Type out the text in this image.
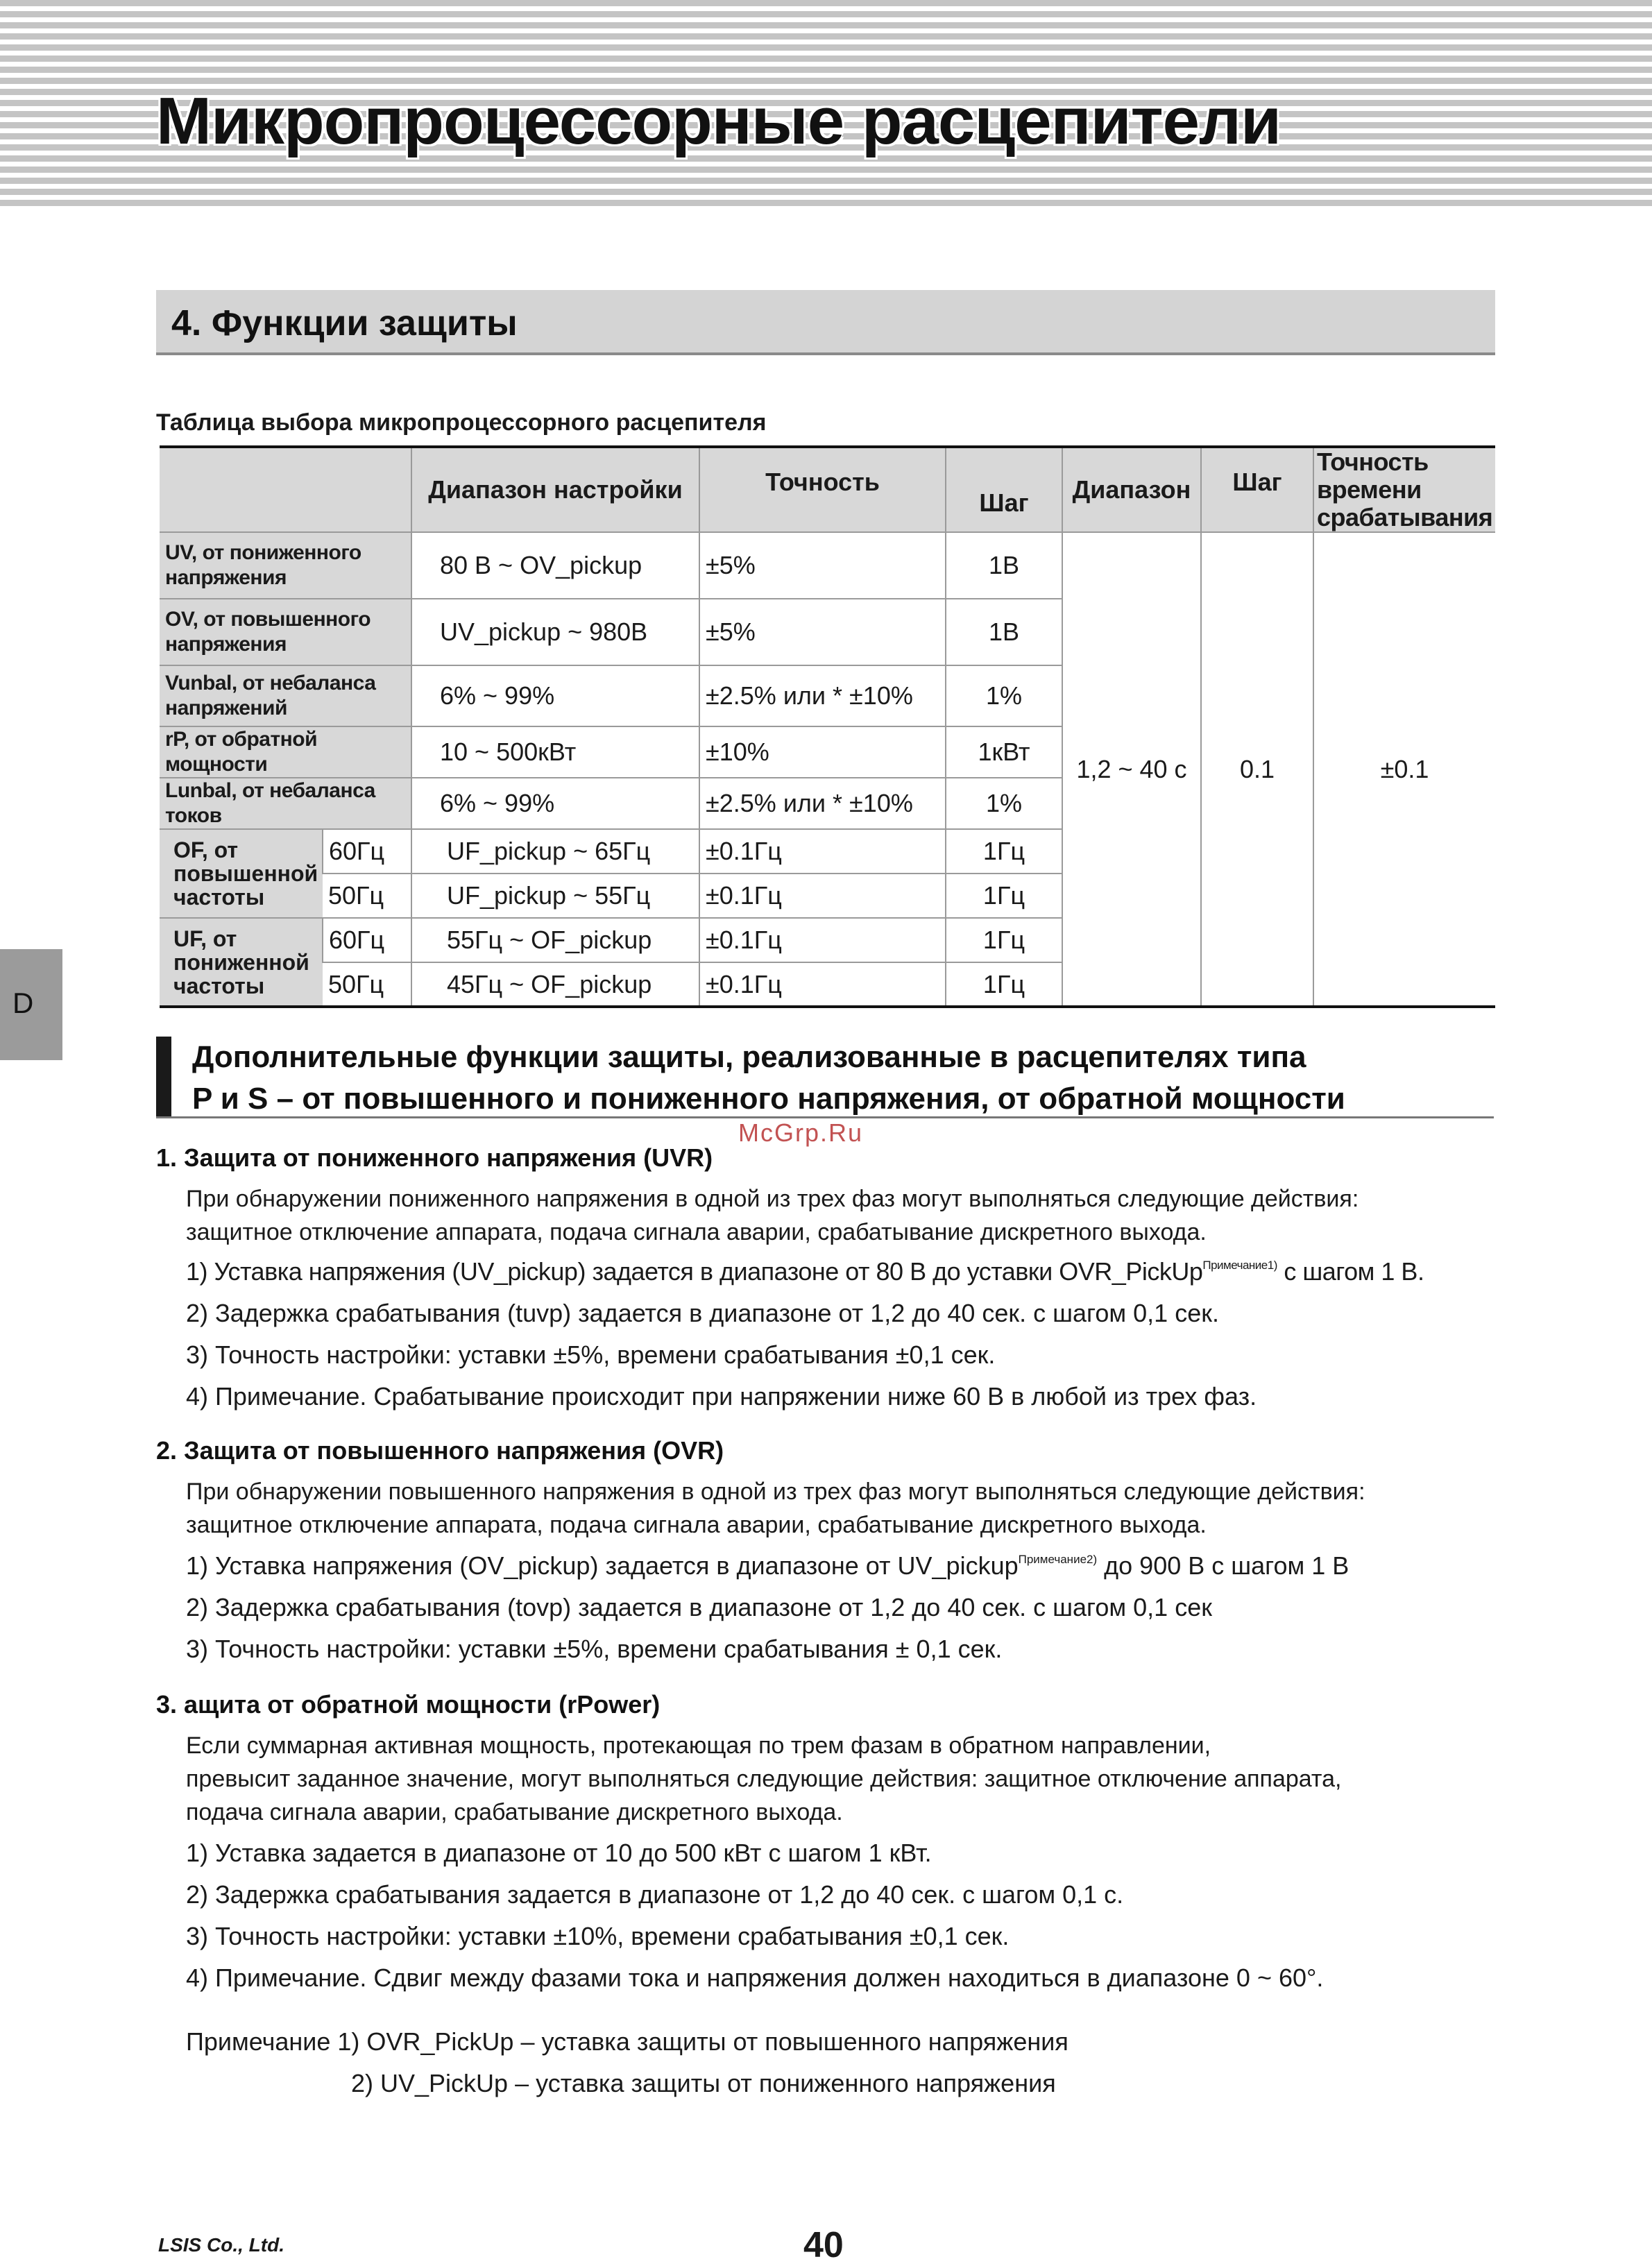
Микропроцессорные расцепители
4. Функции защиты
Таблица выбора микропроцессорного расцепителя
		Диапазон настройки	Точность	Шаг	Диапазон	Шаг	Точность времени срабатывания
UV, от пониженного напряжения		80 В ~ OV_pickup	±5%	1В	1,2 ~ 40 с	0.1	±0.1
OV, от повышенного напряжения		UV_pickup ~ 980В	±5%	1В			
Vunbal, от небаланса напряжений		6% ~ 99%	±2.5% или * ±10%	1%			
rP, от обратной мощности		10 ~ 500кВт	±10%	1кВт			
Lunbal, от небаланса токов		6% ~ 99%	±2.5% или * ±10%	1%			
OF, от повышенной частоты	60Гц	UF_pickup ~ 65Гц	±0.1Гц	1Гц			
	50Гц	UF_pickup ~ 55Гц	±0.1Гц	1Гц			
UF, от пониженной частоты	60Гц	55Гц ~ OF_pickup	±0.1Гц	1Гц			
	50Гц	45Гц ~ OF_pickup	±0.1Гц	1Гц			
D
Дополнительные функции защиты, реализованные в расцепителях типа
P и S – от повышенного и пониженного напряжения, от обратной мощности
McGrp.Ru
1. Защита от пониженного напряжения (UVR)
При обнаружении пониженного напряжения в одной из трех фаз могут выполняться следующие действия:
защитное отключение аппарата, подача сигнала аварии, срабатывание дискретного выхода.
1) Уставка напряжения (UV_pickup) задается в диапазоне от 80 В до уставки OVR_PickUp$^{Примечание1)}$ с шагом 1 В.
2) Задержка срабатывания (tuvp) задается в диапазоне от 1,2 до 40 сек. с шагом 0,1 сек.
3) Точность настройки: уставки ±5%, времени срабатывания ±0,1 сек.
4) Примечание. Срабатывание происходит при напряжении ниже 60 В в любой из трех фаз.
2. Защита от повышенного напряжения (OVR)
При обнаружении повышенного напряжения в одной из трех фаз могут выполняться следующие действия:
защитное отключение аппарата, подача сигнала аварии, срабатывание дискретного выхода.
1) Уставка напряжения (OV_pickup) задается в диапазоне от UV_pickup$^{Примечание2)}$ до 900 В с шагом 1 В
2) Задержка срабатывания (tovp) задается в диапазоне от 1,2 до 40 сек. с шагом 0,1 сек
3) Точность настройки: уставки ±5%, времени срабатывания ± 0,1 сек.
3. ащита от обратной мощности (rPower)
Если суммарная активная мощность, протекающая по трем фазам в обратном направлении,
превысит заданное значение, могут выполняться следующие действия: защитное отключение аппарата,
подача сигнала аварии, срабатывание дискретного выхода.
1) Уставка задается в диапазоне от 10 до 500 кВт с шагом 1 кВт.
2) Задержка срабатывания задается в диапазоне от 1,2 до 40 сек. с шагом 0,1 с.
3) Точность настройки: уставки ±10%, времени срабатывания ±0,1 сек.
4) Примечание. Сдвиг между фазами тока и напряжения должен находиться в диапазоне 0 ~ 60°.
Примечание 1) OVR_PickUp – уставка защиты от повышенного напряжения
2) UV_PickUp – уставка защиты от пониженного напряжения
LSIS Co., Ltd.	40
